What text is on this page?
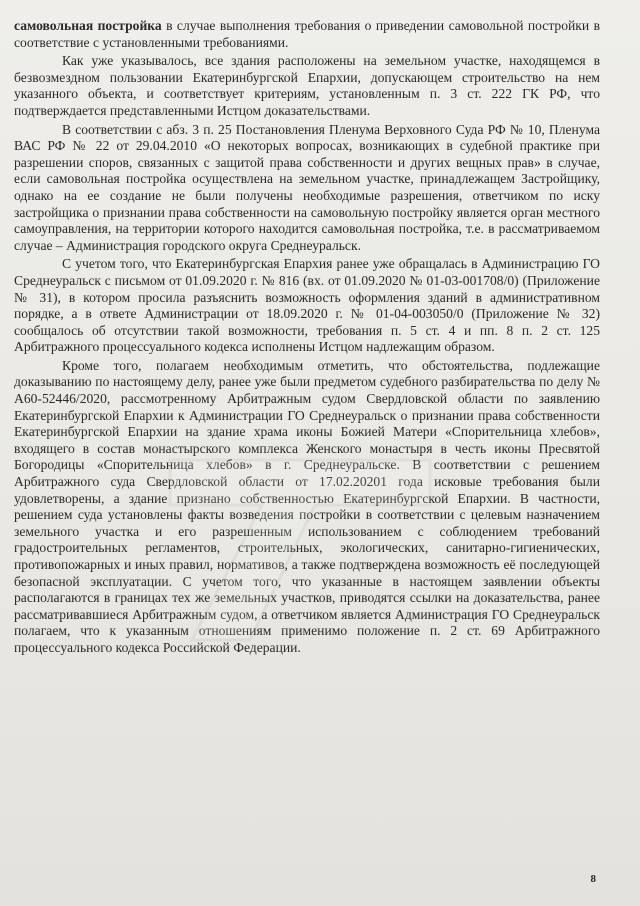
самовольная постройка в случае выполнения требования о приведении самовольной постройки в соответствие с установленными требованиями.

Как уже указывалось, все здания расположены на земельном участке, находящемся в безвозмездном пользовании Екатеринбургской Епархии, допускающем строительство на нем указанного объекта, и соответствует критериям, установленным п. 3 ст. 222 ГК РФ, что подтверждается представленными Истцом доказательствами.

В соответствии с абз. 3 п. 25 Постановления Пленума Верховного Суда РФ № 10, Пленума ВАС РФ № 22 от 29.04.2010 «О некоторых вопросах, возникающих в судебной практике при разрешении споров, связанных с защитой права собственности и других вещных прав» в случае, если самовольная постройка осуществлена на земельном участке, принадлежащем Застройщику, однако на ее создание не были получены необходимые разрешения, ответчиком по иску застройщика о признании права собственности на самовольную постройку является орган местного самоуправления, на территории которого находится самовольная постройка, т.е. в рассматриваемом случае – Администрация городского округа Среднеуральск.

С учетом того, что Екатеринбургская Епархия ранее уже обращалась в Администрацию ГО Среднеуральск с письмом от 01.09.2020 г. № 816 (вх. от 01.09.2020 № 01-03-001708/0) (Приложение № 31), в котором просила разъяснить возможность оформления зданий в административном порядке, а в ответе Администрации от 18.09.2020 г. № 01-04-003050/0 (Приложение № 32) сообщалось об отсутствии такой возможности, требования п. 5 ст. 4 и пп. 8 п. 2 ст. 125 Арбитражного процессуального кодекса исполнены Истцом надлежащим образом.

Кроме того, полагаем необходимым отметить, что обстоятельства, подлежащие доказыванию по настоящему делу, ранее уже были предметом судебного разбирательства по делу № А60-52446/2020, рассмотренному Арбитражным судом Свердловской области по заявлению Екатеринбургской Епархии к Администрации ГО Среднеуральск о признании права собственности Екатеринбургской Епархии на здание храма иконы Божией Матери «Спорительница хлебов», входящего в состав монастырского комплекса Женского монастыря в честь иконы Пресвятой Богородицы «Спорительница хлебов» в г. Среднеуральске. В соответствии с решением Арбитражного суда Свердловской области от 17.02.20201 года исковые требования были удовлетворены, а здание признано собственностью Екатеринбургской Епархии. В частности, решением суда установлены факты возведения постройки в соответствии с целевым назначением земельного участка и его разрешенным использованием с соблюдением требований градостроительных регламентов, строительных, экологических, санитарно-гигиенических, противопожарных и иных правил, нормативов, а также подтверждена возможность её последующей безопасной эксплуатации. С учетом того, что указанные в настоящем заявлении объекты располагаются в границах тех же земельных участков, приводятся ссылки на доказательства, ранее рассматривавшиеся Арбитражным судом, а ответчиком является Администрация ГО Среднеуральск полагаем, что к указанным отношениям применимо положение п. 2 ст. 69 Арбитражного процессуального кодекса Российской Федерации.

8
